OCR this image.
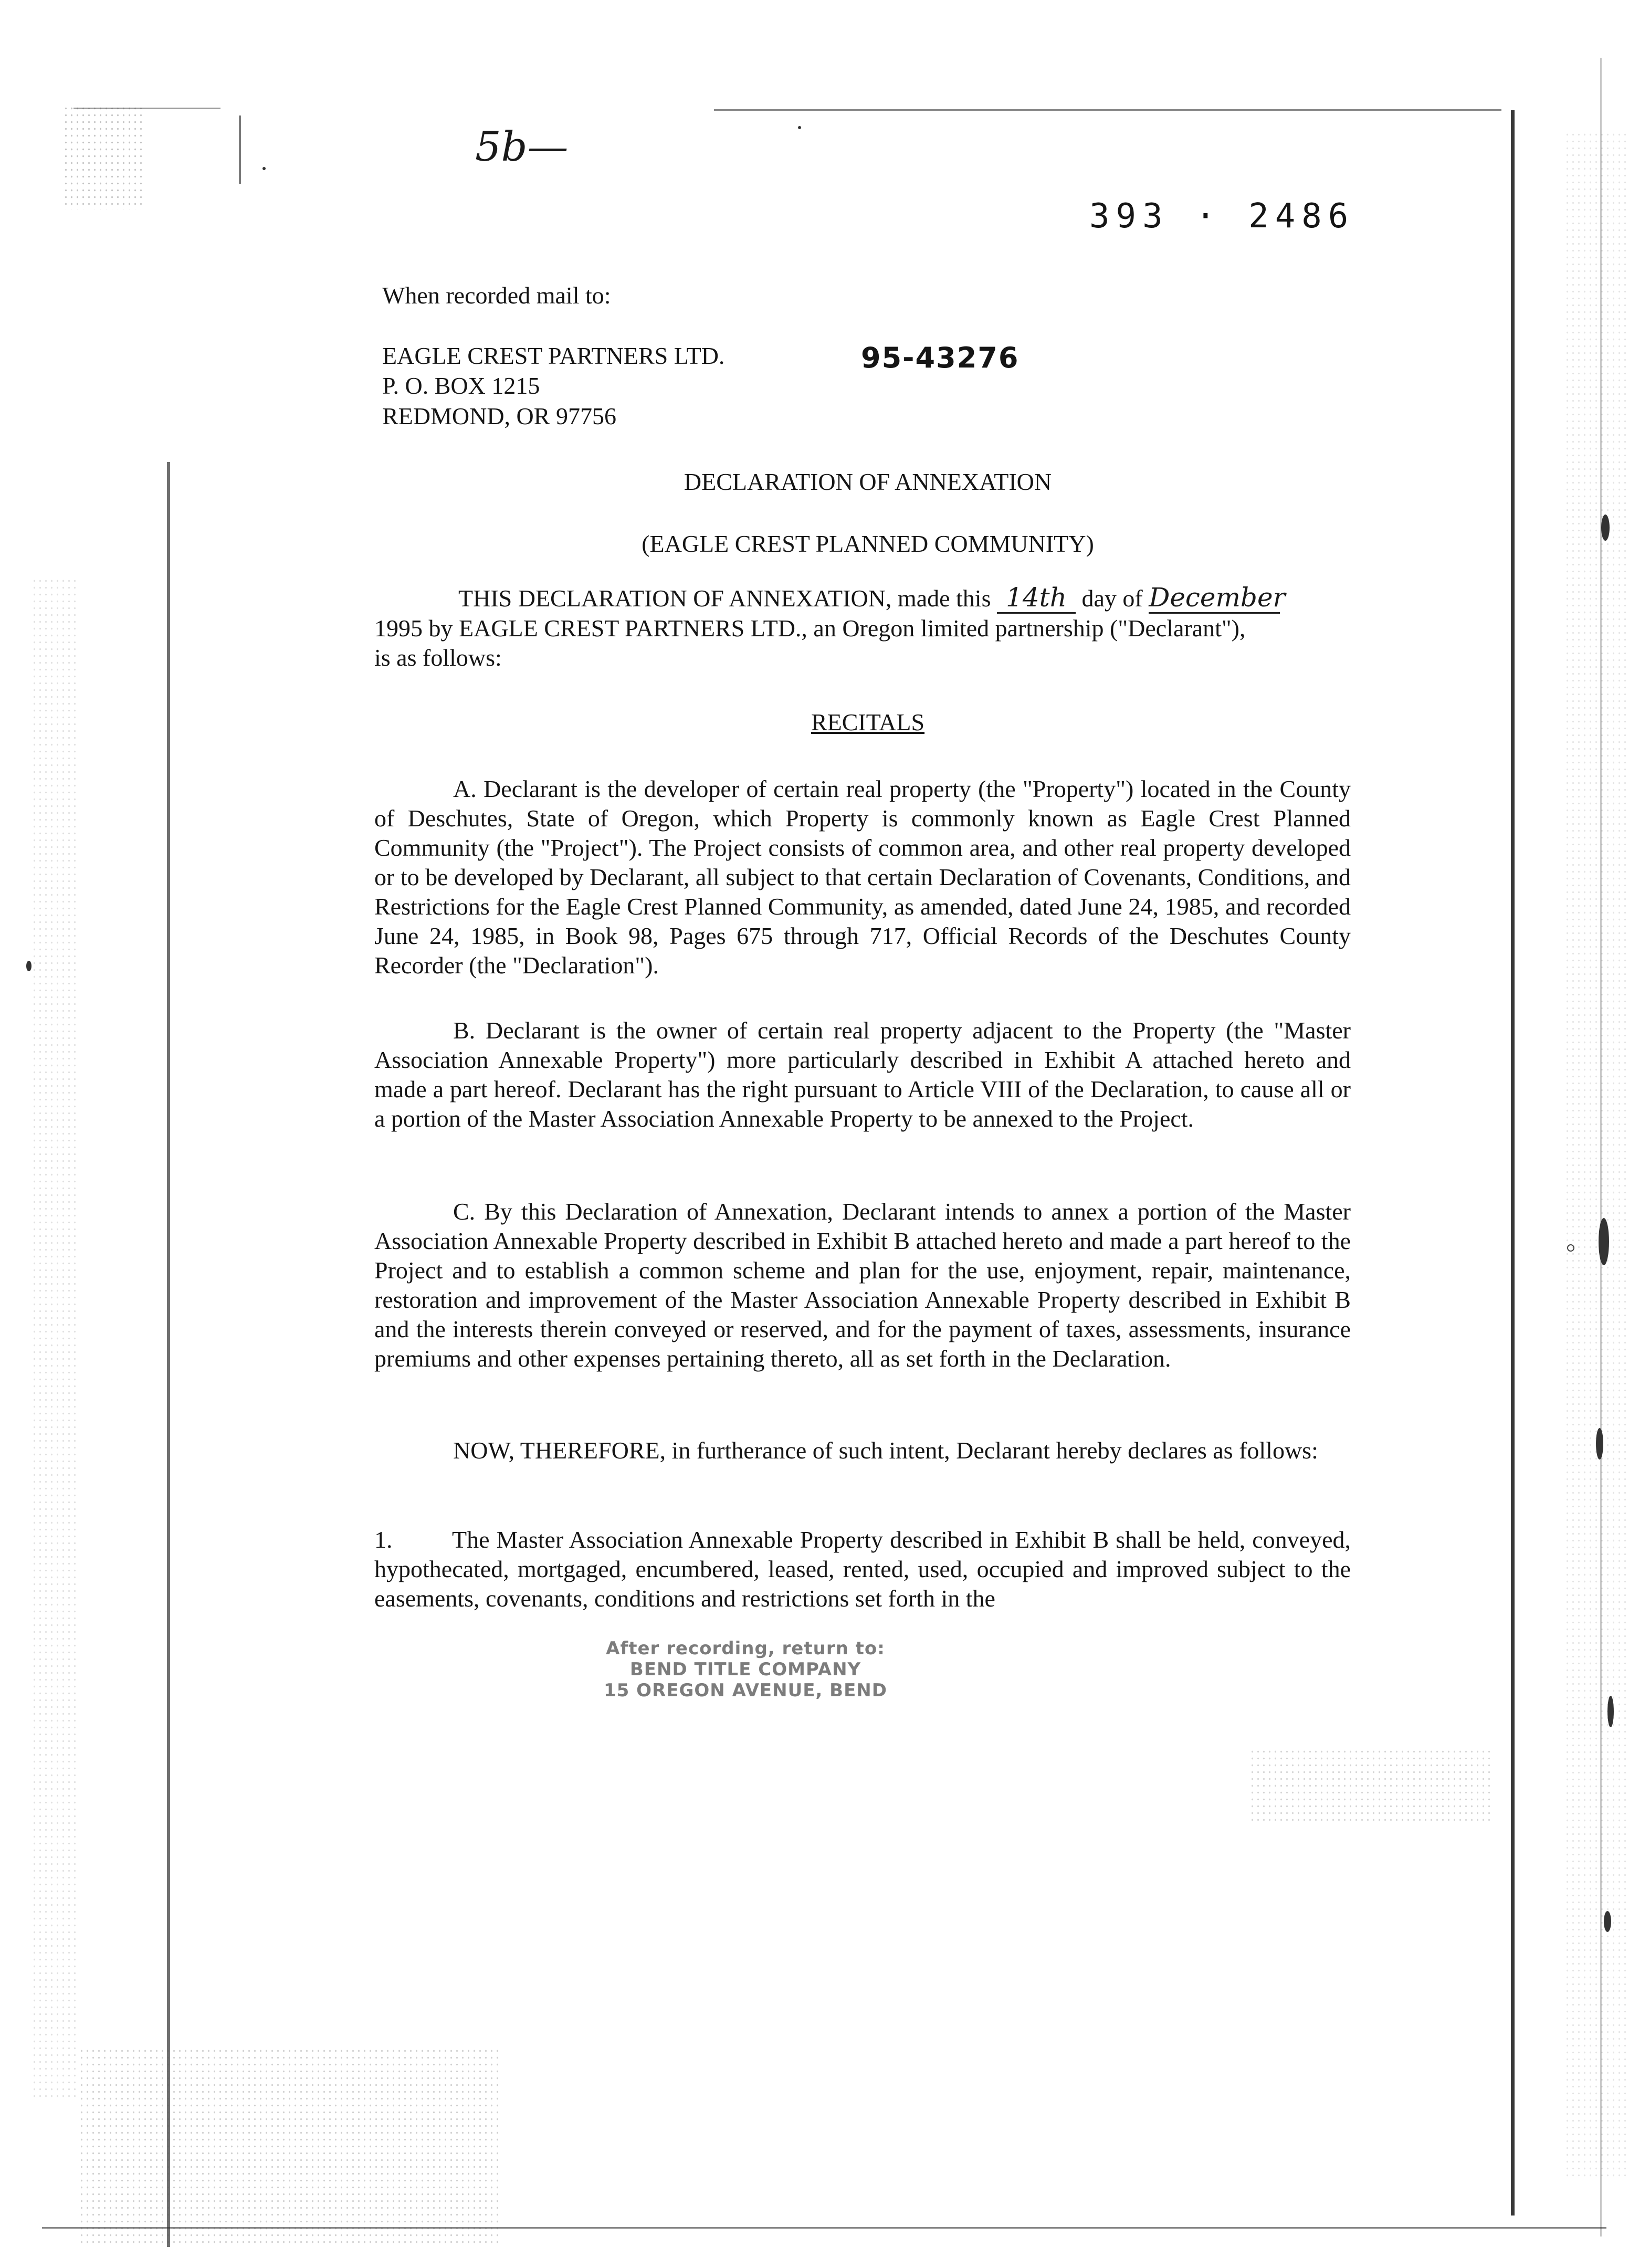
5b—
393 · 2486
When recorded mail to:
EAGLE CREST PARTNERS LTD.
P. O. BOX 1215
REDMOND, OR 97756
95-43276
DECLARATION OF ANNEXATION
(EAGLE CREST PLANNED COMMUNITY)
THIS DECLARATION OF ANNEXATION, made this 14th day of December
1995 by EAGLE CREST PARTNERS LTD., an Oregon limited partnership ("Declarant"),
is as follows:
RECITALS
A. Declarant is the developer of certain real property (the "Property") located in the County of Deschutes, State of Oregon, which Property is commonly known as Eagle Crest Planned Community (the "Project"). The Project consists of common area, and other real property developed or to be developed by Declarant, all subject to that certain Declaration of Covenants, Conditions, and Restrictions for the Eagle Crest Planned Community, as amended, dated June 24, 1985, and recorded June 24, 1985, in Book 98, Pages 675 through 717, Official Records of the Deschutes County Recorder (the "Declaration").
B. Declarant is the owner of certain real property adjacent to the Property (the "Master Association Annexable Property") more particularly described in Exhibit A attached hereto and made a part hereof. Declarant has the right pursuant to Article VIII of the Declaration, to cause all or a portion of the Master Association Annexable Property to be annexed to the Project.
C. By this Declaration of Annexation, Declarant intends to annex a portion of the Master Association Annexable Property described in Exhibit B attached hereto and made a part hereof to the Project and to establish a common scheme and plan for the use, enjoyment, repair, maintenance, restoration and improvement of the Master Association Annexable Property described in Exhibit B and the interests therein conveyed or reserved, and for the payment of taxes, assessments, insurance premiums and other expenses pertaining thereto, all as set forth in the Declaration.
NOW, THEREFORE, in furtherance of such intent, Declarant hereby declares as follows:
1. The Master Association Annexable Property described in Exhibit B shall be held, conveyed, hypothecated, mortgaged, encumbered, leased, rented, used, occupied and improved subject to the easements, covenants, conditions and restrictions set forth in the
After recording, return to:
BEND TITLE COMPANY
15 OREGON AVENUE, BEND
